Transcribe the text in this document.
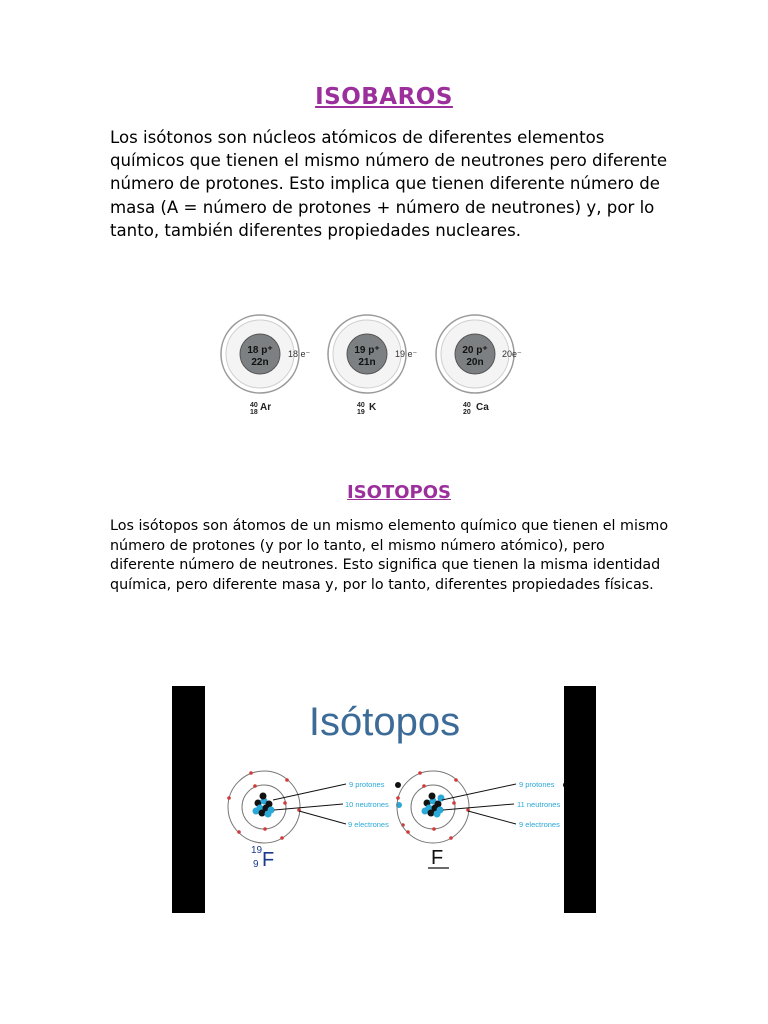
ISOBAROS

Los isótonos son núcleos atómicos de diferentes elementos químicos que tienen el mismo número de neutrones pero diferente número de protones. Esto implica que tienen diferente número de masa (A = número de protones + número de neutrones) y, por lo tanto, también diferentes propiedades nucleares.

18 p⁺
22n
18 e⁻
40
18 Ar
19 p⁺
21n
19 e⁻
40
19 K
20 p⁺
20n
20e⁻
40
20 Ca
ISOTOPOS

Los isótopos son átomos de un mismo elemento químico que tienen el mismo número de protones (y por lo tanto, el mismo número atómico), pero diferente número de neutrones. Esto significa que tienen la misma identidad química, pero diferente masa y, por lo tanto, diferentes propiedades físicas.

Isótopos
9 protones
10 neutrones
9 electrones
19
9 F
9 protones
11 neutrones
9 electrones
F
